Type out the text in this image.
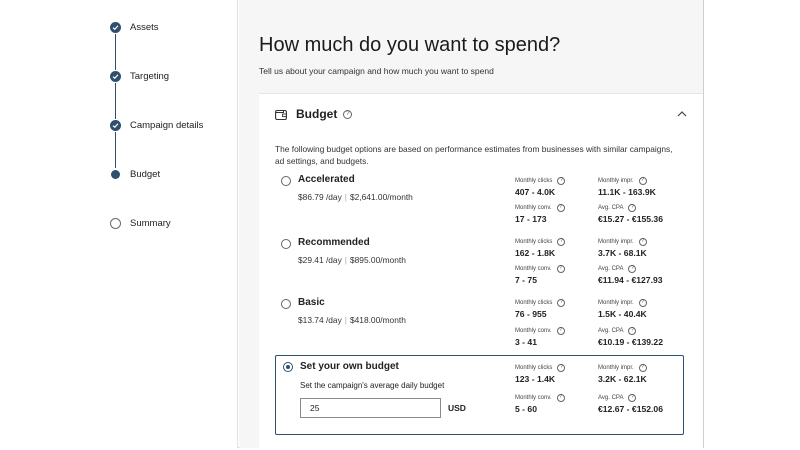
Assets
Targeting
Campaign details
Budget
Summary
How much do you want to spend?
Tell us about your campaign and how much you want to spend
Budget	?
The following budget options are based on performance estimates from businesses with similar campaigns, ad settings, and budgets.
Accelerated
$86.79 /day | $2,641.00/month
Monthly clicks	?
407 - 4.0K
Monthly impr.	?
11.1K - 163.9K
Monthly conv.	?
17 - 173
Avg. CPA	?
€15.27 - €155.36
Recommended
$29.41 /day | $895.00/month
Monthly clicks	?
162 - 1.8K
Monthly impr.	?
3.7K - 68.1K
Monthly conv.	?
7 - 75
Avg. CPA	?
€11.94 - €127.93
Basic
$13.74 /day | $418.00/month
Monthly clicks	?
76 - 955
Monthly impr.	?
1.5K - 40.4K
Monthly conv.	?
3 - 41
Avg. CPA	?
€10.19 - €139.22
Set your own budget
Set the campaign's average daily budget
25	USD
Monthly clicks	?
123 - 1.4K
Monthly impr.	?
3.2K - 62.1K
Monthly conv.	?
5 - 60
Avg. CPA	?
€12.67 - €152.06
